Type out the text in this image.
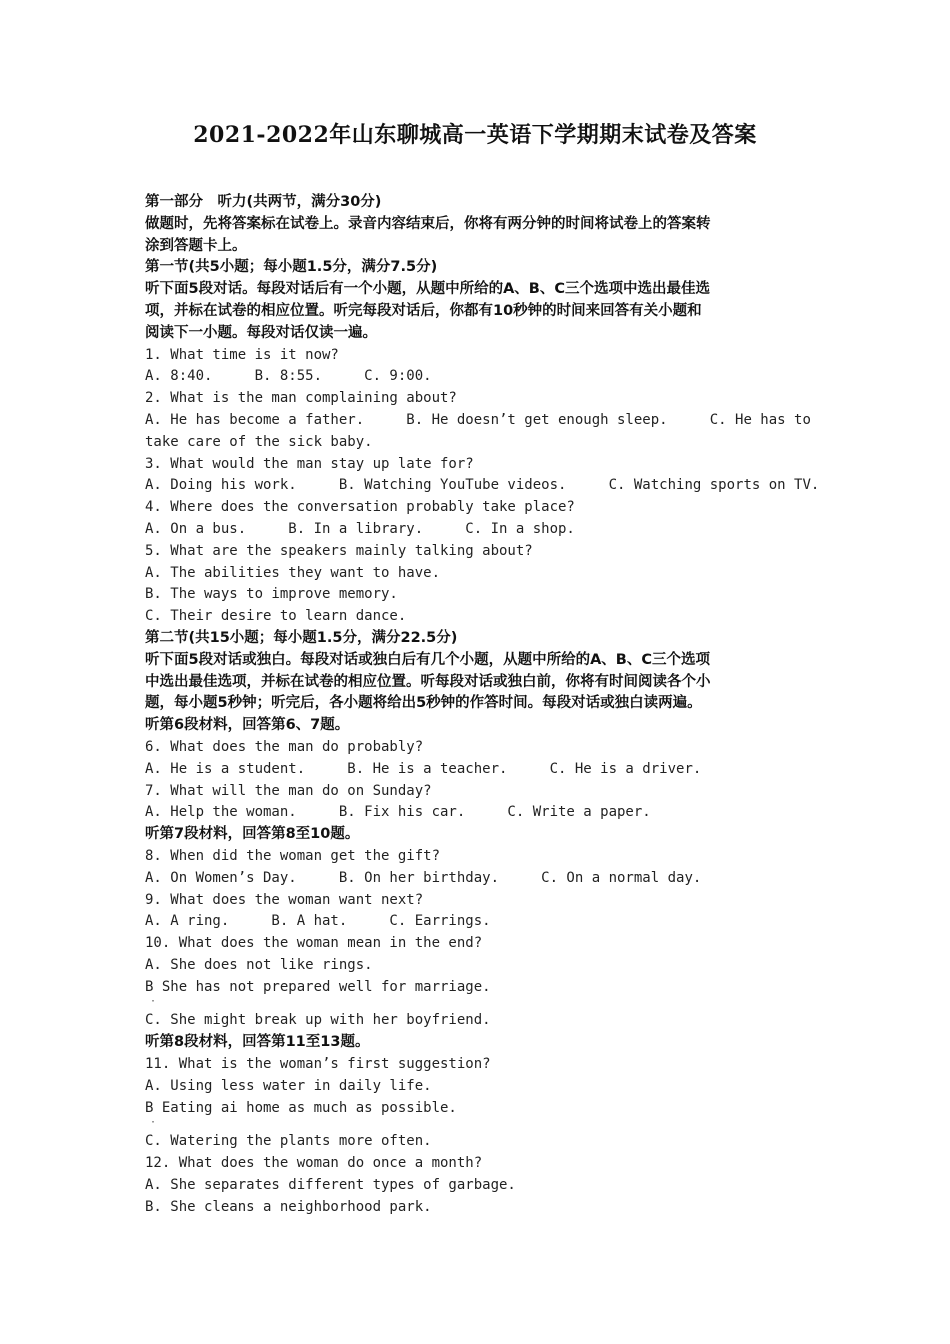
2021-2022年山东聊城高一英语下学期期末试卷及答案
第一部分　听力(共两节，满分30分)
做题时，先将答案标在试卷上。录音内容结束后，你将有两分钟的时间将试卷上的答案转
涂到答题卡上。
第一节(共5小题；每小题1.5分，满分7.5分)
听下面5段对话。每段对话后有一个小题，从题中所给的A、B、C三个选项中选出最佳选
项，并标在试卷的相应位置。听完每段对话后，你都有10秒钟的时间来回答有关小题和
阅读下一小题。每段对话仅读一遍。
1. What time is it now?
A. 8:40.     B. 8:55.     C. 9:00.
2. What is the man complaining about?
A. He has become a father.     B. He doesn’t get enough sleep.     C. He has to
take care of the sick baby.
3. What would the man stay up late for?
A. Doing his work.     B. Watching YouTube videos.     C. Watching sports on TV.
4. Where does the conversation probably take place?
A. On a bus.     B. In a library.     C. In a shop.
5. What are the speakers mainly talking about?
A. The abilities they want to have.
B. The ways to improve memory.
C. Their desire to learn dance.
第二节(共15小题；每小题1.5分，满分22.5分)
听下面5段对话或独白。每段对话或独白后有几个小题，从题中所给的A、B、C三个选项
中选出最佳选项，并标在试卷的相应位置。听每段对话或独白前，你将有时间阅读各个小
题，每小题5秒钟；听完后，各小题将给出5秒钟的作答时间。每段对话或独白读两遍。
听第6段材料，回答第6、7题。
6. What does the man do probably?
A. He is a student.     B. He is a teacher.     C. He is a driver.
7. What will the man do on Sunday?
A. Help the woman.     B. Fix his car.     C. Write a paper.
听第7段材料，回答第8至10题。
8. When did the woman get the gift?
A. On Women’s Day.     B. On her birthday.     C. On a normal day.
9. What does the woman want next?
A. A ring.     B. A hat.     C. Earrings.
10. What does the woman mean in the end?
A. She does not like rings.
B She has not prepared well for marriage.
·
C. She might break up with her boyfriend.
听第8段材料，回答第11至13题。
11. What is the woman’s first suggestion?
A. Using less water in daily life.
B Eating ai home as much as possible.
·
C. Watering the plants more often.
12. What does the woman do once a month?
A. She separates different types of garbage.
B. She cleans a neighborhood park.
